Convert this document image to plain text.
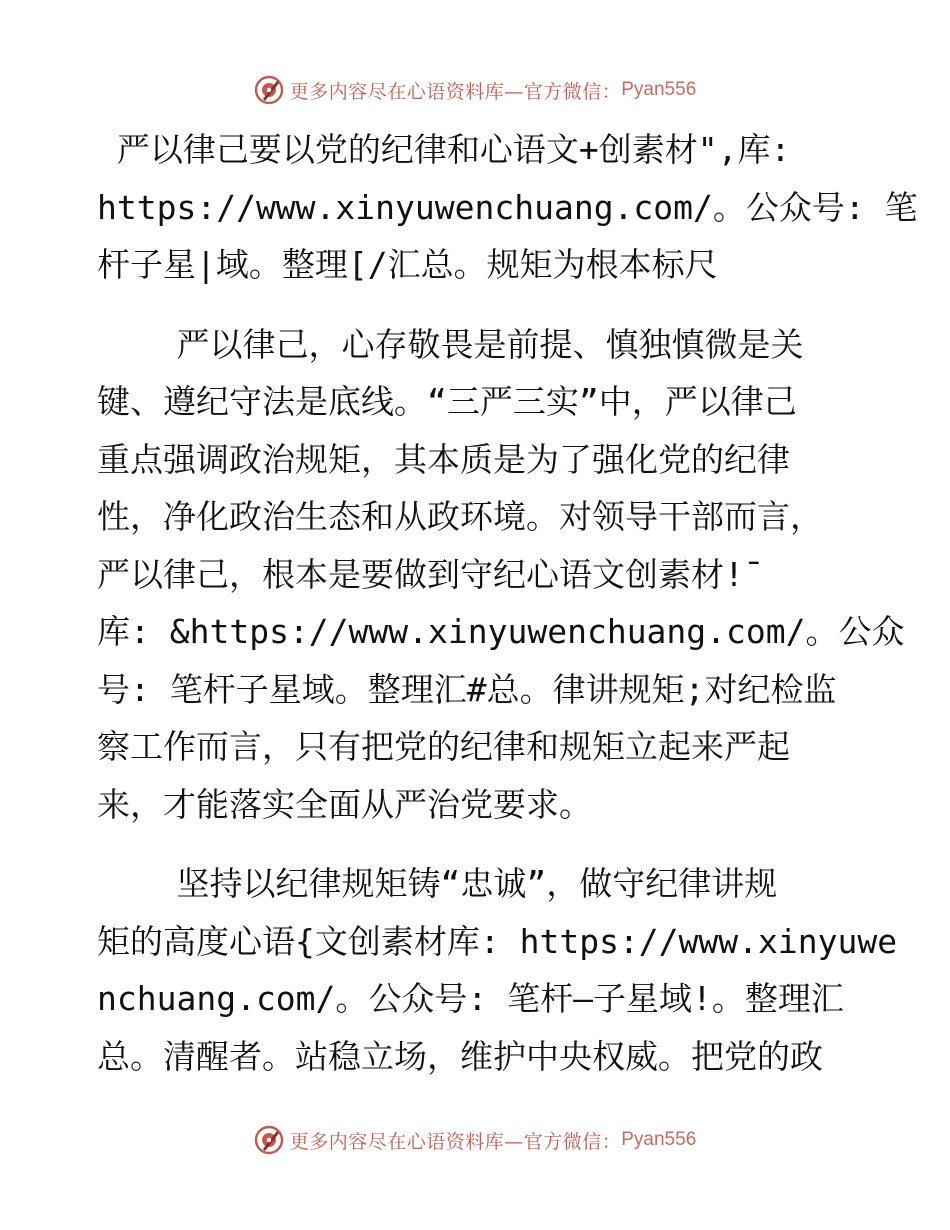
更多内容尽在心语资料库—官方微信： Pyan556
严以律己要以党的纪律和心语文+创素材",库:
https://www.xinyuwenchuang.com/。公众号: 笔
杆子星|域。整理[/汇总。规矩为根本标尺
严以律己，心存敬畏是前提、慎独慎微是关
键、遵纪守法是底线。“三严三实”中，严以律己
重点强调政治规矩，其本质是为了强化党的纪律
性，净化政治生态和从政环境。对领导干部而言，
严以律己，根本是要做到守纪心语文创素材!¯
库: &https://www.xinyuwenchuang.com/。公众
号: 笔杆子星域。整理汇#总。律讲规矩;对纪检监
察工作而言，只有把党的纪律和规矩立起来严起
来，才能落实全面从严治党要求。
坚持以纪律规矩铸“忠诚”，做守纪律讲规
矩的高度心语{文创素材库: https://www.xinyuwe
nchuang.com/。公众号: 笔杆—子星域!。整理汇
总。清醒者。站稳立场，维护中央权威。把党的政
更多内容尽在心语资料库—官方微信： Pyan556
